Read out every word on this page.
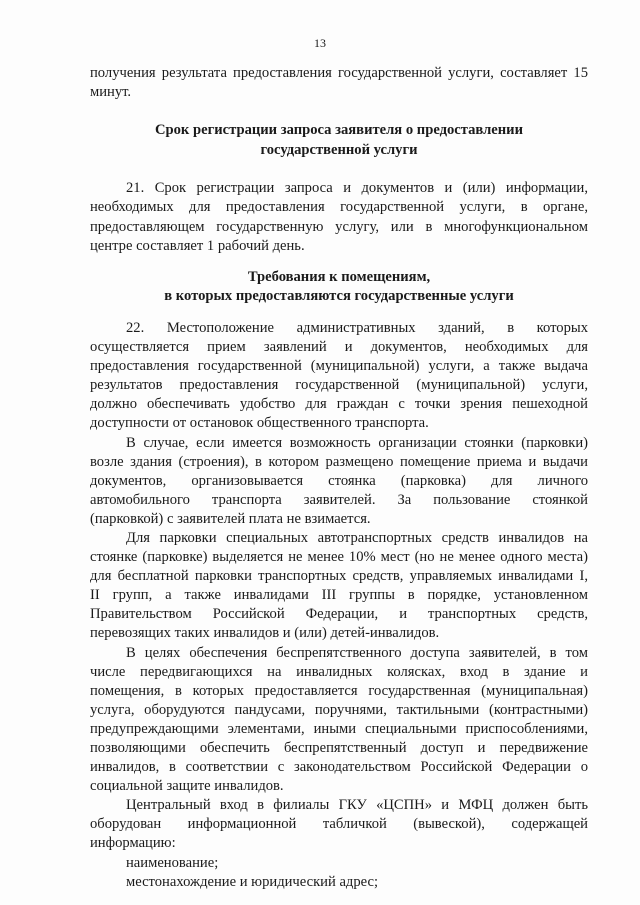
13
получения результата предоставления государственной услуги, составляет 15
минут.
Срок регистрации запроса заявителя о предоставлении
государственной услуги
21. Срок регистрации запроса и документов и (или) информации,
необходимых для предоставления государственной услуги, в органе,
предоставляющем государственную услугу, или в многофункциональном
центре составляет 1 рабочий день.
Требования к помещениям,
в которых предоставляются государственные услуги
22. Местоположение административных зданий, в которых
осуществляется прием заявлений и документов, необходимых для
предоставления государственной (муниципальной) услуги, а также выдача
результатов предоставления государственной (муниципальной) услуги,
должно обеспечивать удобство для граждан с точки зрения пешеходной
доступности от остановок общественного транспорта.
В случае, если имеется возможность организации стоянки (парковки)
возле здания (строения), в котором размещено помещение приема и выдачи
документов, организовывается стоянка (парковка) для личного
автомобильного транспорта заявителей. За пользование стоянкой
(парковкой) с заявителей плата не взимается.
Для парковки специальных автотранспортных средств инвалидов на
стоянке (парковке) выделяется не менее 10% мест (но не менее одного места)
для бесплатной парковки транспортных средств, управляемых инвалидами I,
II групп, а также инвалидами III группы в порядке, установленном
Правительством Российской Федерации, и транспортных средств,
перевозящих таких инвалидов и (или) детей-инвалидов.
В целях обеспечения беспрепятственного доступа заявителей, в том
числе передвигающихся на инвалидных колясках, вход в здание и
помещения, в которых предоставляется государственная (муниципальная)
услуга, оборудуются пандусами, поручнями, тактильными (контрастными)
предупреждающими элементами, иными специальными приспособлениями,
позволяющими обеспечить беспрепятственный доступ и передвижение
инвалидов, в соответствии с законодательством Российской Федерации о
социальной защите инвалидов.
Центральный вход в филиалы ГКУ «ЦСПН» и МФЦ должен быть
оборудован информационной табличкой (вывеской), содержащей
информацию:
наименование;
местонахождение и юридический адрес;
